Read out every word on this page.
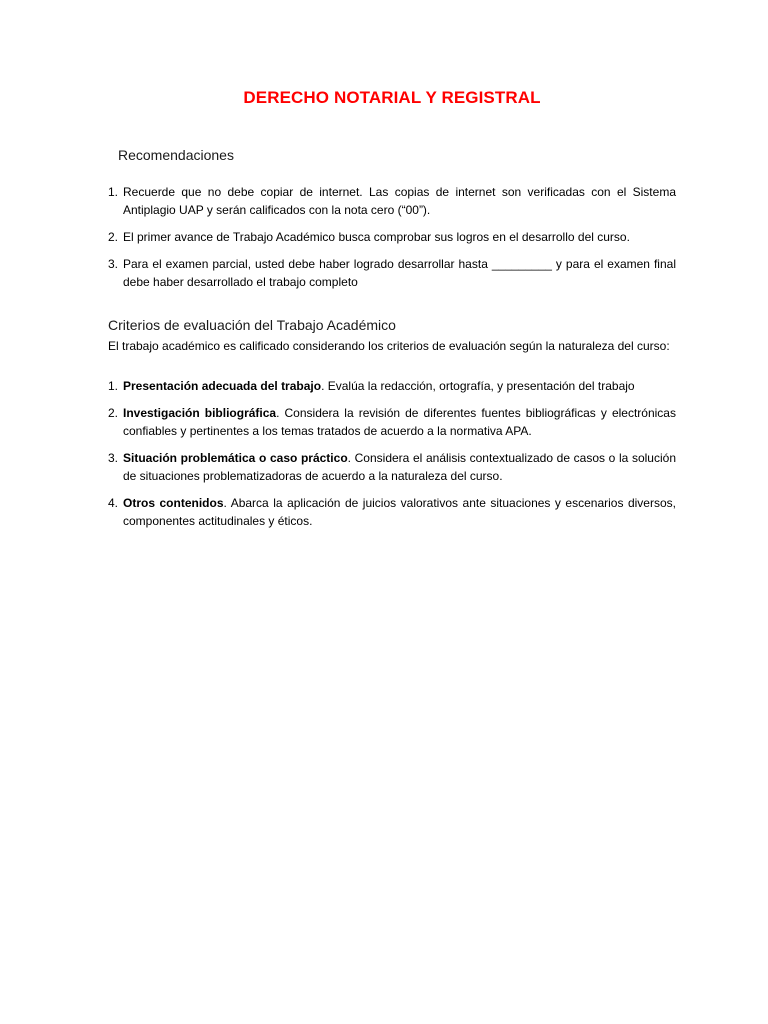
DERECHO NOTARIAL Y REGISTRAL
Recomendaciones
1. Recuerde que no debe copiar de internet. Las copias de internet son verificadas con el Sistema Antiplagio UAP y serán calificados con la nota cero (“00”).
2. El primer avance de Trabajo Académico busca comprobar sus logros en el desarrollo del curso.
3. Para el examen parcial, usted debe haber logrado desarrollar hasta _________ y para el examen final debe haber desarrollado el trabajo completo
Criterios de evaluación del Trabajo Académico
El trabajo académico es calificado considerando los criterios de evaluación según la naturaleza del curso:
1. Presentación adecuada del trabajo. Evalúa la redacción, ortografía, y presentación del trabajo
2. Investigación bibliográfica. Considera la revisión de diferentes fuentes bibliográficas y electrónicas confiables y pertinentes a los temas tratados de acuerdo a la normativa APA.
3. Situación problemática o caso práctico. Considera el análisis contextualizado de casos o la solución de situaciones problematizadoras de acuerdo a la naturaleza del curso.
4. Otros contenidos. Abarca la aplicación de juicios valorativos ante situaciones y escenarios diversos, componentes actitudinales y éticos.
